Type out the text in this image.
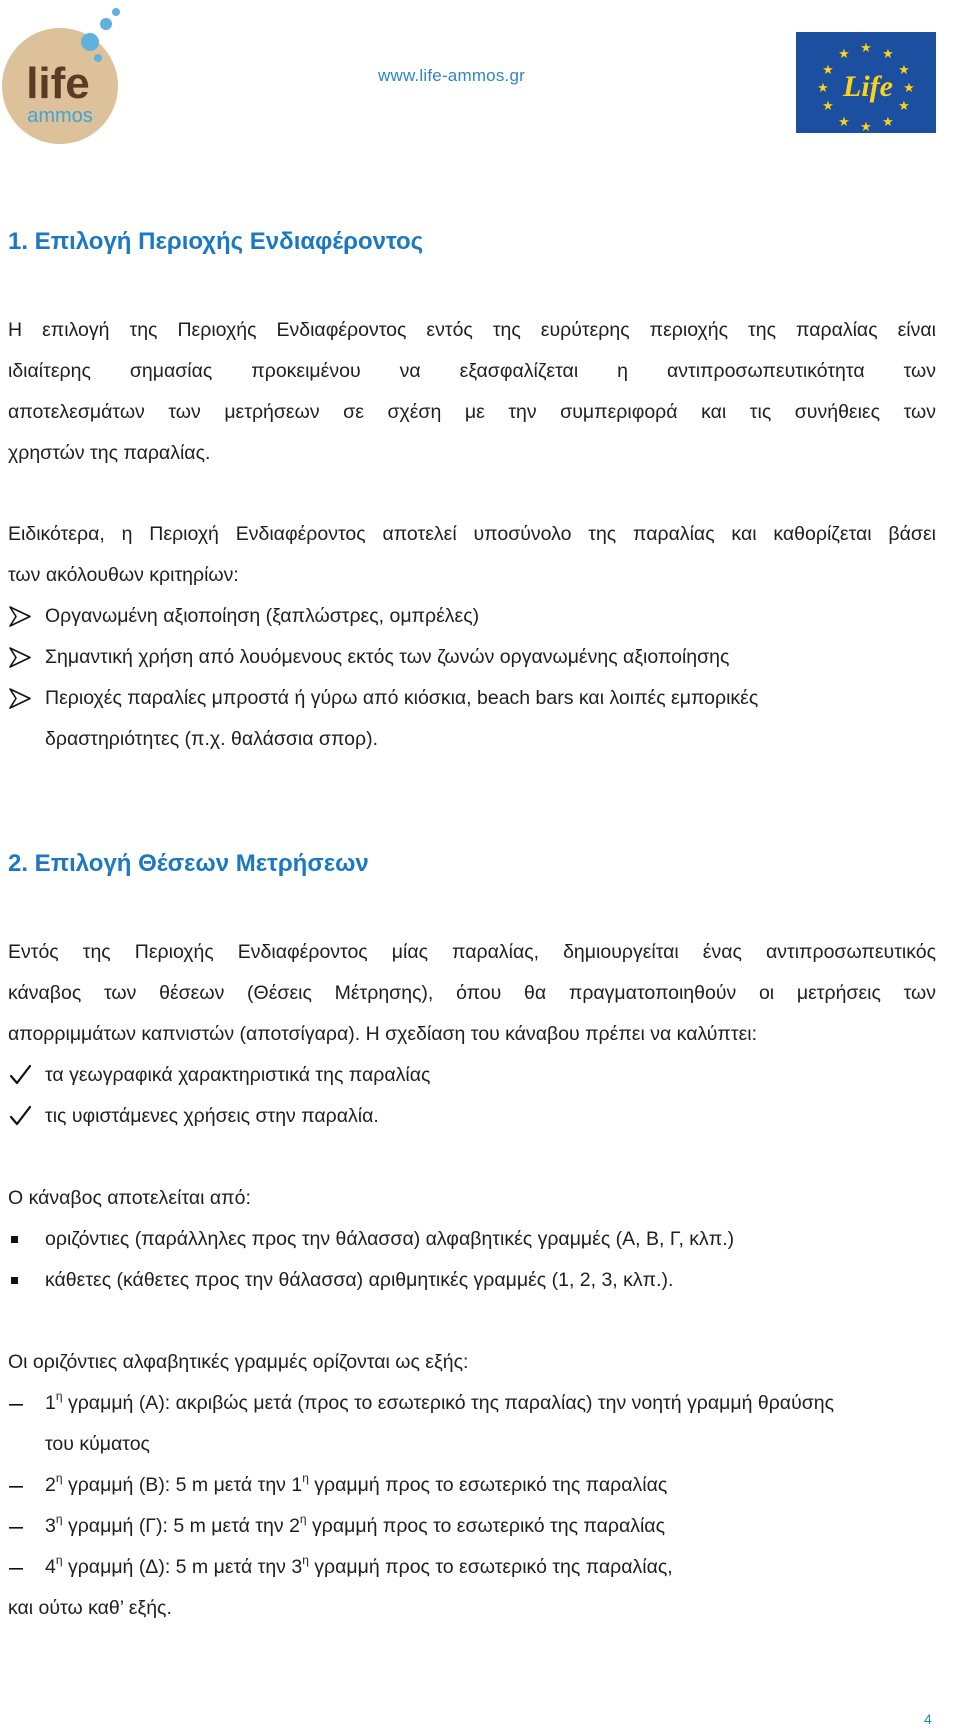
life
ammos
www.life-ammos.gr
★ ★
★
★
★
★
★
★
★
★
★
★
Life
1. Επιλογή Περιοχής Ενδιαφέροντος

Η επιλογή της Περιοχής Ενδιαφέροντος εντός της ευρύτερης περιοχής της παραλίας είναι
ιδιαίτερης σημασίας προκειμένου να εξασφαλίζεται η αντιπροσωπευτικότητα των
αποτελεσμάτων των μετρήσεων σε σχέση με την συμπεριφορά και τις συνήθειες των
χρηστών της παραλίας.

Ειδικότερα, η Περιοχή Ενδιαφέροντος αποτελεί υποσύνολο της παραλίας και καθορίζεται βάσει
των ακόλουθων κριτηρίων:

Οργανωμένη αξιοποίηση (ξαπλώστρες, ομπρέλες)
Σημαντική χρήση από λουόμενους εκτός των ζωνών οργανωμένης αξιοποίησης
Περιοχές παραλίες μπροστά ή γύρω από κιόσκια, beach bars και λοιπές εμπορικές
δραστηριότητες (π.χ. θαλάσσια σπορ).
2. Επιλογή Θέσεων Μετρήσεων

Εντός της Περιοχής Ενδιαφέροντος μίας παραλίας, δημιουργείται ένας αντιπροσωπευτικός
κάναβος των θέσεων (Θέσεις Μέτρησης), όπου θα πραγματοποιηθούν οι μετρήσεις των
απορριμμάτων καπνιστών (αποτσίγαρα). Η σχεδίαση του κάναβου πρέπει να καλύπτει:

τα γεωγραφικά χαρακτηριστικά της παραλίας
τις υφιστάμενες χρήσεις στην παραλία.

Ο κάναβος αποτελείται από:

οριζόντιες (παράλληλες προς την θάλασσα) αλφαβητικές γραμμές (Α, Β, Γ, κλπ.)
κάθετες (κάθετες προς την θάλασσα) αριθμητικές γραμμές (1, 2, 3, κλπ.).

Οι οριζόντιες αλφαβητικές γραμμές ορίζονται ως εξής:

$1^\eta$ γραμμή (Α): ακριβώς μετά (προς το εσωτερικό της παραλίας) την νοητή γραμμή θραύσης
του κύματος
$2^\eta$ γραμμή (Β): 5 m μετά την $1^\eta$ γραμμή προς το εσωτερικό της παραλίας
$3^\eta$ γραμμή (Γ): 5 m μετά την $2^\eta$ γραμμή προς το εσωτερικό της παραλίας
$4^\eta$ γραμμή (Δ): 5 m μετά την $3^\eta$ γραμμή προς το εσωτερικό της παραλίας,

και ούτω καθ’ εξής.

4
